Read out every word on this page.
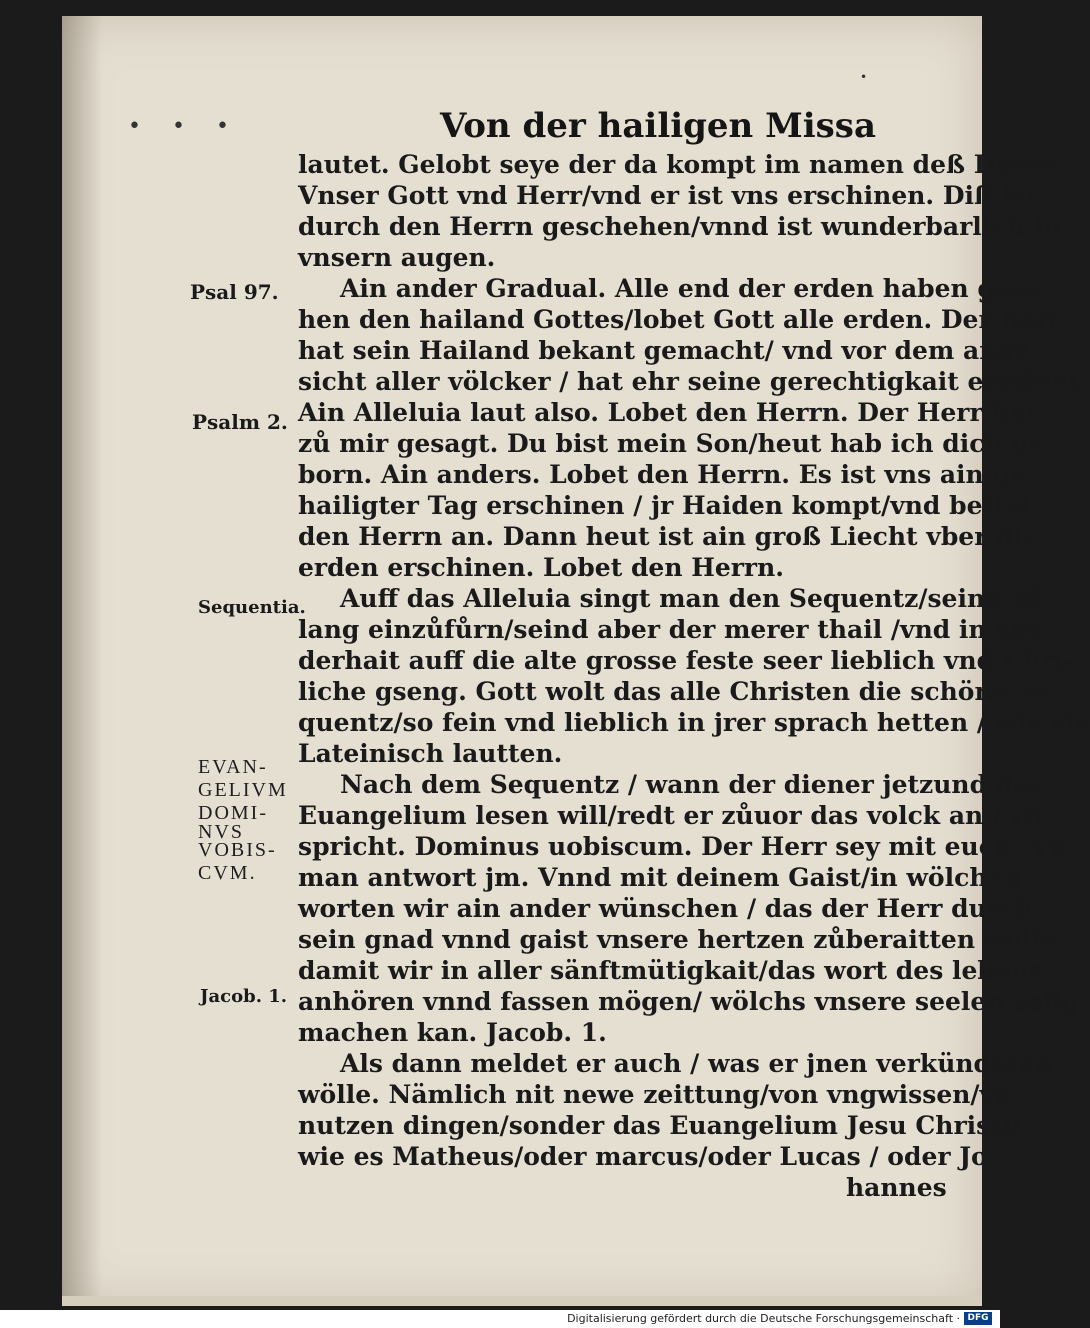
• • •
•
Von der hailigen Missa
Psal 97.
Psalm 2.
Sequentia.
Jacob. 1.
EVAN-
GELIVM
DOMI-
NVS
VOBIS-
CVM.
lautet. Gelobt seye der da kompt im namen deß Herrn.
Vnser Gott vnd Herr/vnd er ist vns erschinen. Diß ist
durch den Herrn geschehen/vnnd ist wunderbarlich in
vnsern augen.
Ain ander Gradual. Alle end der erden haben gese-
hen den hailand Gottes/lobet Gott alle erden. Der herr
hat sein Hailand bekant gemacht/ vnd vor dem ange-
sicht aller völcker / hat ehr seine gerechtigkait eröffnet.
Ain Alleluia laut also. Lobet den Herrn. Der Herr hat
zů mir gesagt. Du bist mein Son/heut hab ich dich ge
born. Ain anders. Lobet den Herrn. Es ist vns ain ge-
hailigter Tag erschinen / jr Haiden kompt/vnd bettet
den Herrn an. Dann heut ist ain groß Liecht vber die
erden erschinen. Lobet den Herrn.
Auff das Alleluia singt man den Sequentz/seind zů
lang einzůfůrn/seind aber der merer thail /vnd in son-
derhait auff die alte grosse feste seer lieblich vnd Chri-
liche gseng. Gott wolt das alle Christen die schöne Se-
quentz/so fein vnd lieblich in jrer sprach hetten / wie sie
Lateinisch lautten.
Nach dem Sequentz / wann der diener jetzund das
Euangelium lesen will/redt er zůuor das volck an / vñ
spricht. Dominus uobiscum. Der Herr sey mit euch. Vñ
man antwort jm. Vnnd mit deinem Gaist/in wölchen
worten wir ain ander wünschen / das der Herr durch
sein gnad vnnd gaist vnsere hertzen zůberaitten wölle/
damit wir in aller sänftmütigkait/das wort des lebens
anhören vnnd fassen mögen/ wölchs vnsere seelen selig
machen kan. Jacob. 1.
Als dann meldet er auch / was er jnen verkündigen
wölle. Nämlich nit newe zeittung/von vngwissen/vn-
nutzen dingen/sonder das Euangelium Jesu Christi/
wie es Matheus/oder marcus/oder Lucas / oder Jo-
hannes
Digitalisierung gefördert durch die Deutsche Forschungsgemeinschaft · DFG
